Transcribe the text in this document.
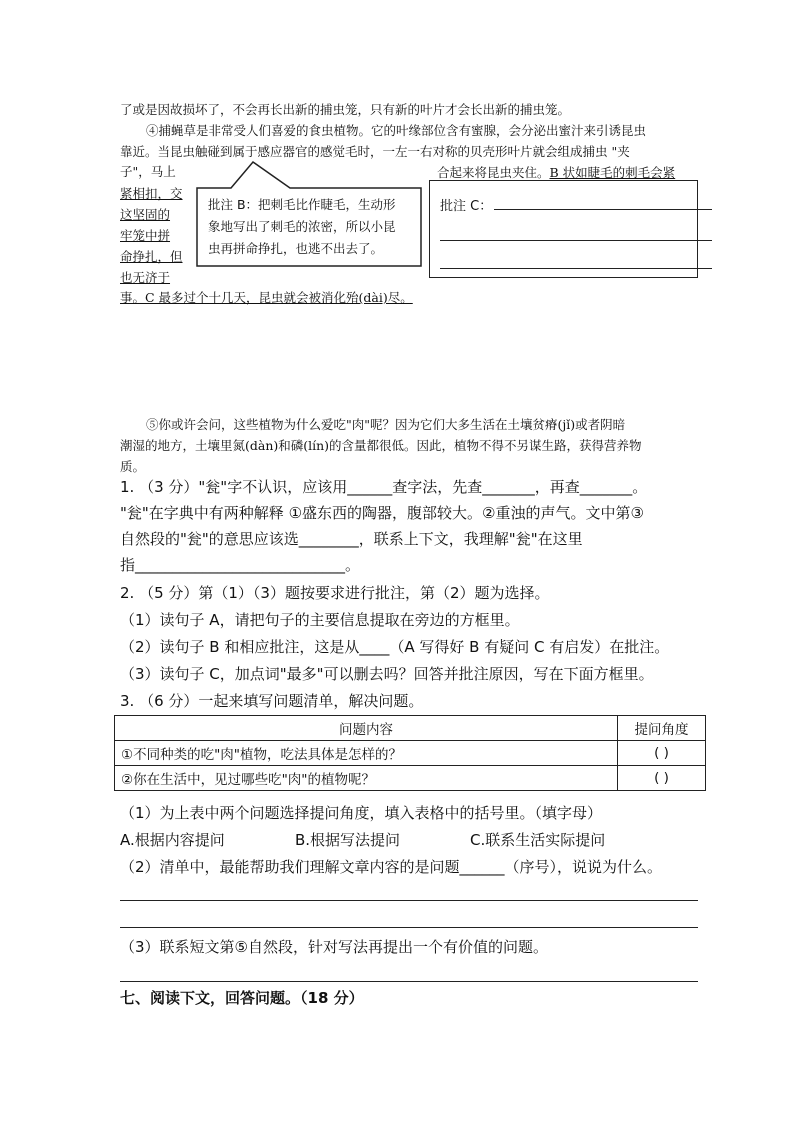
了或是因故损坏了，不会再长出新的捕虫笼，只有新的叶片才会长出新的捕虫笼。
④捕蝇草是非常受人们喜爱的食虫植物。它的叶缘部位含有蜜腺，会分泌出蜜汁来引诱昆虫
靠近。当昆虫触碰到属于感应器官的感觉毛时，一左一右对称的贝壳形叶片就会组成捕虫 "夹
子"，马上
紧相扣，交
这坚固的
牢笼中拼
命挣扎，但
也无济于
批注 B：把刺毛比作睫毛，生动形
象地写出了刺毛的浓密，所以小昆
虫再拼命挣扎，也逃不出去了。
合起来将昆虫夹住。B 状如睫毛的刺毛会紧
批注 C：
事。C 最多过个十几天，昆虫就会被消化殆(dài)尽。
⑤你或许会问，这些植物为什么爱吃"肉"呢？因为它们大多生活在土壤贫瘠(jǐ)或者阴暗
潮湿的地方，土壤里氮(dàn)和磷(lín)的含量都很低。因此，植物不得不另谋生路，获得营养物
质。
1. （3 分）"瓮"字不认识，应该用______查字法，先查_______，再查_______。
"瓮"在字典中有两种解释 ①盛东西的陶器，腹部较大。②重浊的声气。文中第③
自然段的"瓮"的意思应该选________，联系上下文，我理解"瓮"在这里
指____________________________。
2. （5 分）第（1）（3）题按要求进行批注，第（2）题为选择。
（1）读句子 A，请把句子的主要信息提取在旁边的方框里。
（2）读句子 B 和相应批注，这是从____（A 写得好 B 有疑问 C 有启发）在批注。
（3）读句子 C，加点词"最多"可以删去吗？回答并批注原因，写在下面方框里。
3. （6 分）一起来填写问题清单，解决问题。
问题内容	提问角度
①不同种类的吃"肉"植物，吃法具体是怎样的？	( )
②你在生活中，见过哪些吃"肉"的植物呢？	( )
（1）为上表中两个问题选择提问角度，填入表格中的括号里。（填字母）
A.根据内容提问	B.根据写法提问	C.联系生活实际提问
（2）清单中，最能帮助我们理解文章内容的是问题______（序号），说说为什么。
（3）联系短文第⑤自然段，针对写法再提出一个有价值的问题。
七、阅读下文，回答问题。（18 分）
